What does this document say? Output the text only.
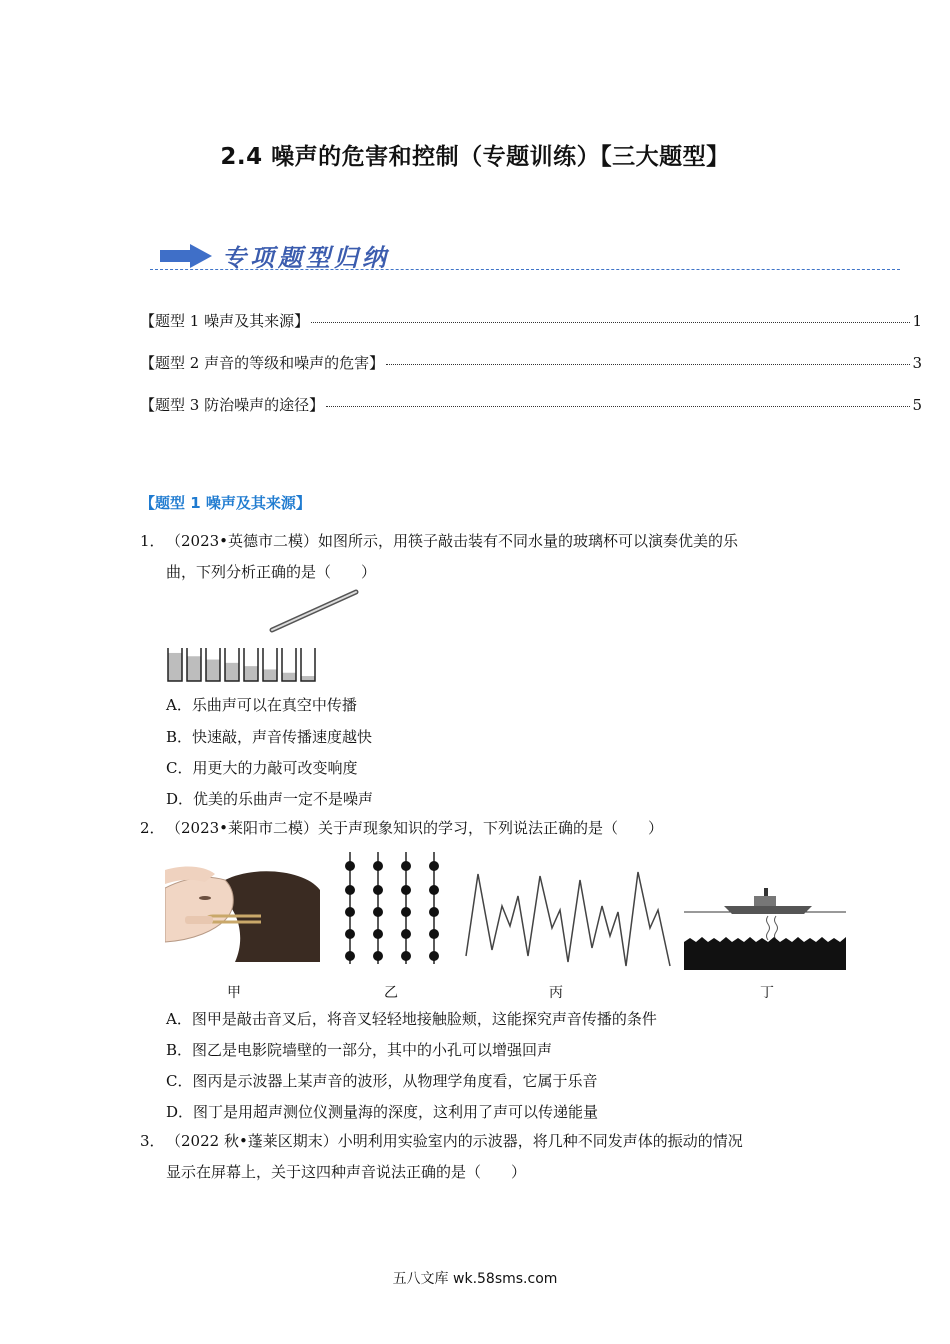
2.4 噪声的危害和控制（专题训练）【三大题型】
专项题型归纳
【题型 1 噪声及其来源】	1
【题型 2 声音的等级和噪声的危害】	3
【题型 3 防治噪声的途径】	5
【题型 1 噪声及其来源】
1．（2023•英德市二模）如图所示，用筷子敲击装有不同水量的玻璃杯可以演奏优美的乐
曲，下列分析正确的是（　　）
A．乐曲声可以在真空中传播
B．快速敲，声音传播速度越快
C．用更大的力敲可改变响度
D．优美的乐曲声一定不是噪声
2．（2023•莱阳市二模）关于声现象知识的学习，下列说法正确的是（　　）
甲	乙	丙	丁
A．图甲是敲击音叉后，将音叉轻轻地接触脸颊，这能探究声音传播的条件
B．图乙是电影院墙壁的一部分，其中的小孔可以增强回声
C．图丙是示波器上某声音的波形，从物理学角度看，它属于乐音
D．图丁是用超声测位仪测量海的深度，这利用了声可以传递能量
3．（2022 秋•蓬莱区期末）小明利用实验室内的示波器，将几种不同发声体的振动的情况
显示在屏幕上，关于这四种声音说法正确的是（　　）
五八文库 wk.58sms.com
